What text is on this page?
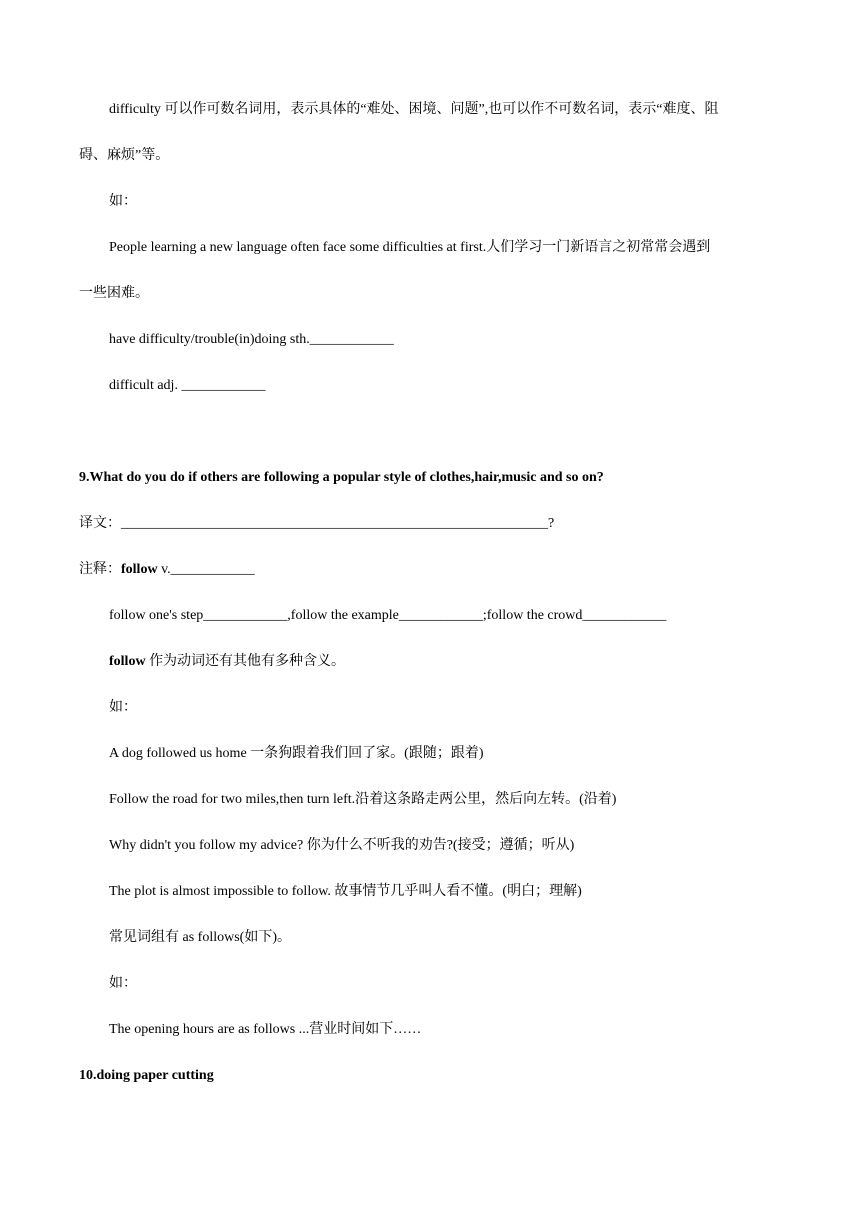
difficulty 可以作可数名词用，表示具体的“难处、困境、问题”,也可以作不可数名词，表示“难度、阻
碍、麻烦”等。
如：
People learning a new language often face some difficulties at first.人们学习一门新语言之初常常会遇到
一些困难。
have difficulty/trouble(in)doing sth.____________
difficult adj. ____________
9.What do you do if others are following a popular style of clothes,hair,music and so on?
译文：_____________________________________________________________?
注释：follow v.____________
follow one's step____________,follow the example____________;follow the crowd____________
follow 作为动词还有其他有多种含义。
如：
A dog followed us home 一条狗跟着我们回了家。(跟随；跟着)
Follow the road for two miles,then turn left.沿着这条路走两公里，然后向左转。(沿着)
Why didn't you follow my advice? 你为什么不听我的劝告?(接受；遵循；听从)
The plot is almost impossible to follow. 故事情节几乎叫人看不懂。(明白；理解)
常见词组有 as follows(如下)。
如：
The opening hours are as follows ...营业时间如下……
10.doing paper cutting
